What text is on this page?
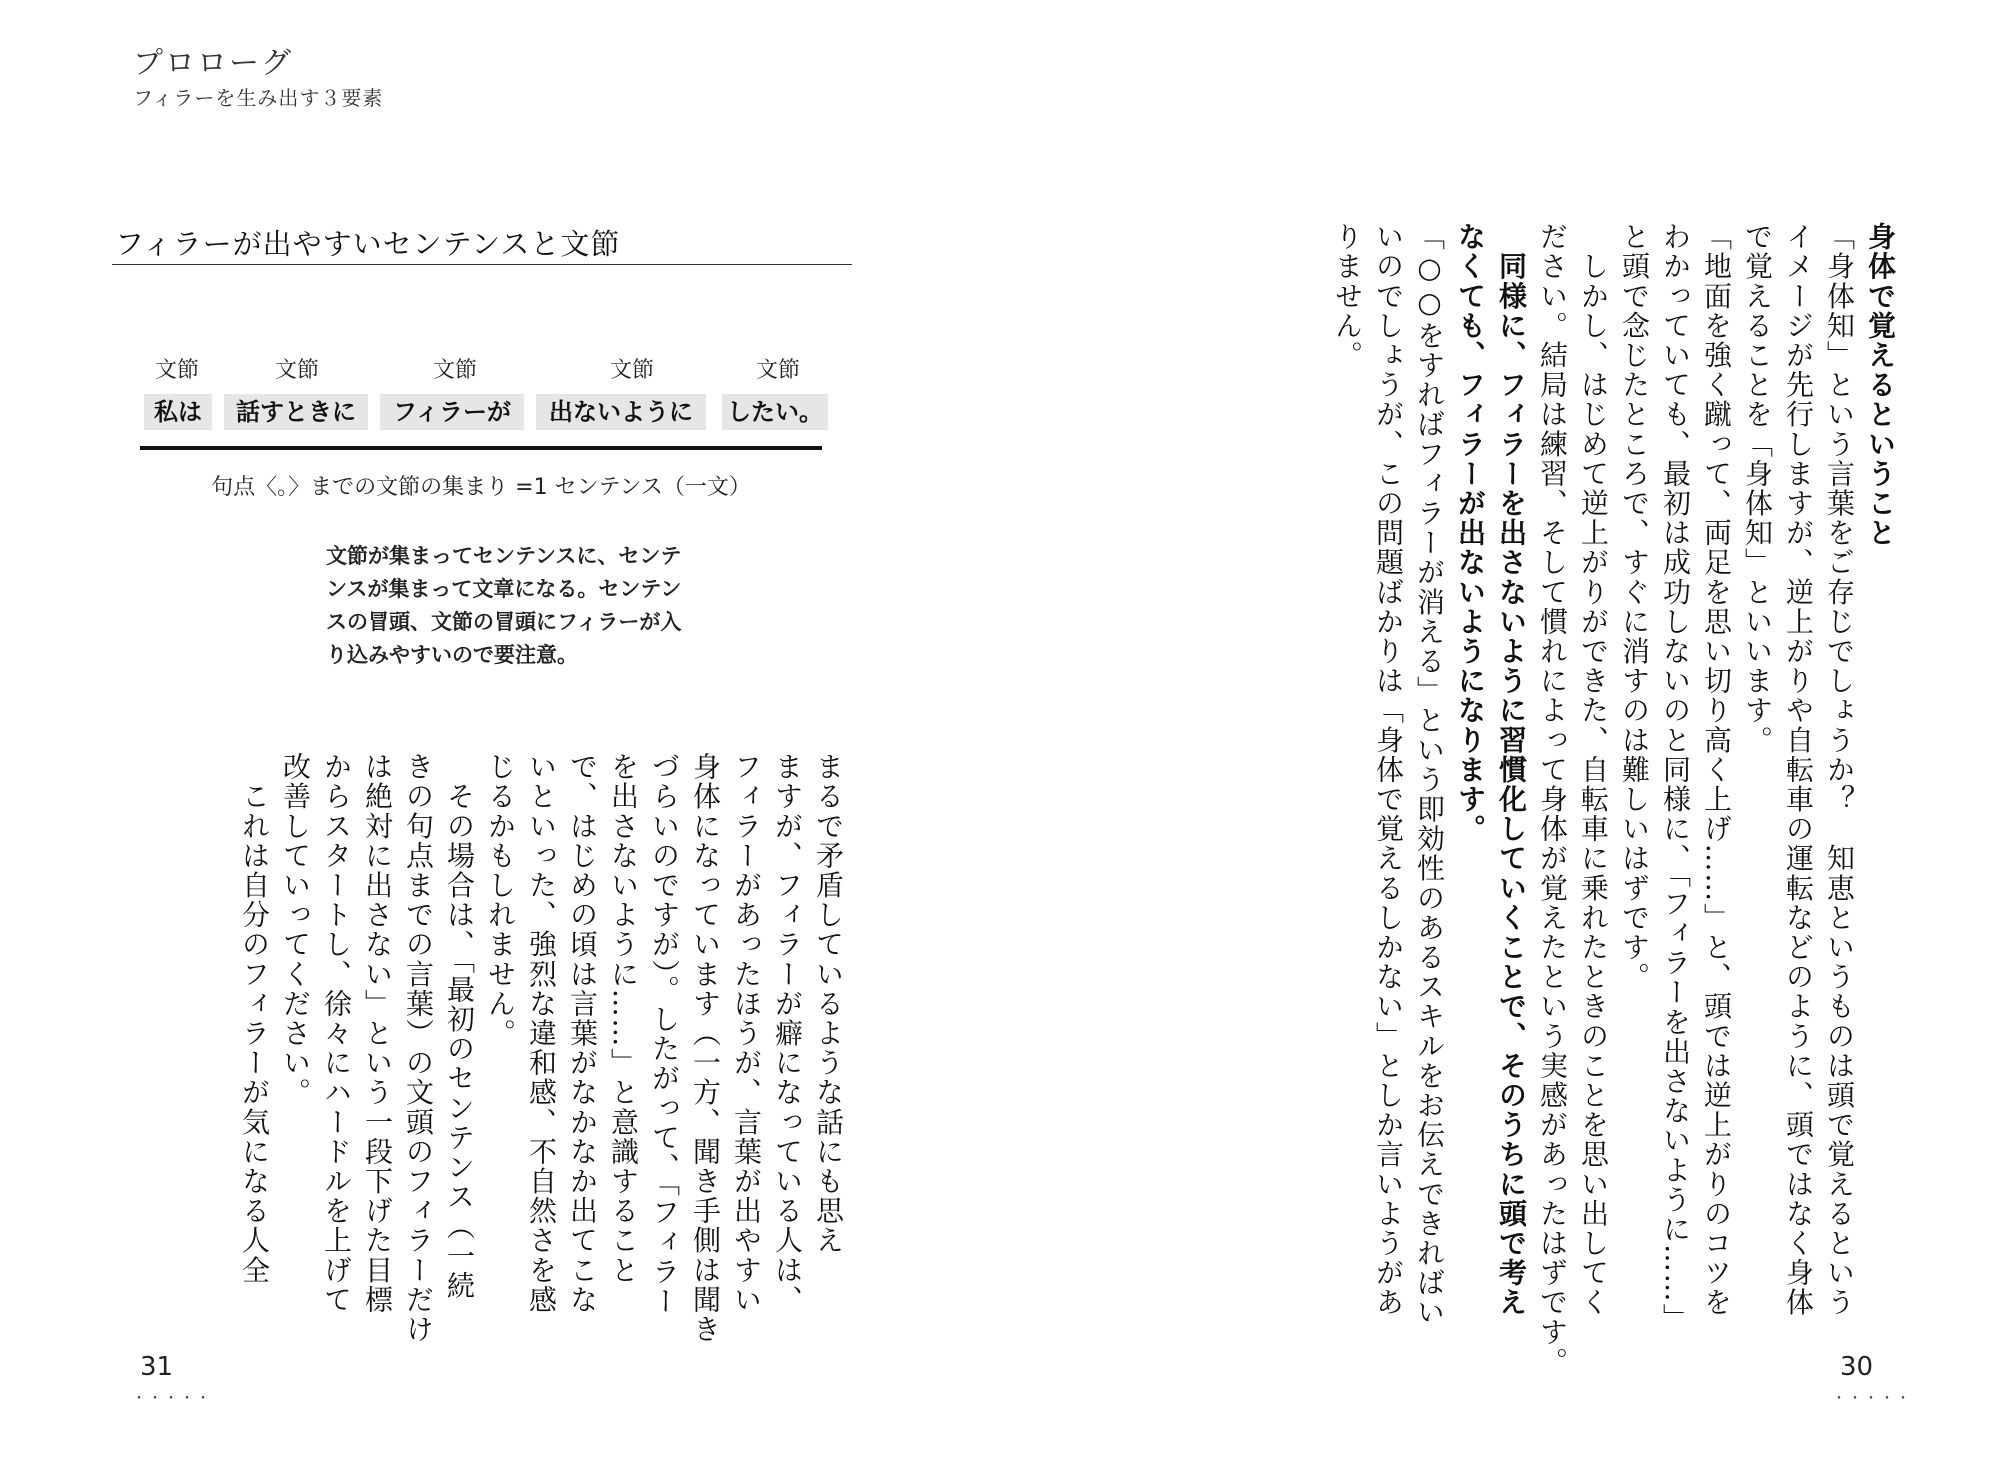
プロローグ
フィラーを生み出す３要素
フィラーが出やすいセンテンスと文節
文節	文節	文節	文節	文節
私は	話すときに	フィラーが	出ないように	したい。
句点〈。〉までの文節の集まり =1 センテンス（一文）
文節が集まってセンテンスに、センテンスが集まって文章になる。センテンスの冒頭、文節の冒頭にフィラーが入り込みやすいので要注意。
まるで矛盾しているような話にも思え
ますが、フィラーが癖になっている人は、
フィラーがあったほうが、言葉が出やすい
身体になっています（一方、聞き手側は聞き
づらいのですが）。したがって、「フィラー
を出さないように……」と意識すること
で、はじめの頃は言葉がなかなか出てこな
いといった、強烈な違和感、不自然さを感
じるかもしれません。
　その場合は、「最初のセンテンス（一続
きの句点までの言葉）の文頭のフィラーだけ
は絶対に出さない」という一段下げた目標
からスタートし、徐々にハードルを上げて
改善していってください。
　これは自分のフィラーが気になる人全
身体で覚えるということ
「身体知」という言葉をご存じでしょうか？　知恵というものは頭で覚えるという
イメージが先行しますが、逆上がりや自転車の運転などのように、頭ではなく身体
で覚えることを「身体知」といいます。
「地面を強く蹴って、両足を思い切り高く上げ……」と、頭では逆上がりのコツを
わかっていても、最初は成功しないのと同様に、「フィラーを出さないように……」
と頭で念じたところで、すぐに消すのは難しいはずです。
　しかし、はじめて逆上がりができた、自転車に乗れたときのことを思い出してく
ださい。結局は練習、そして慣れによって身体が覚えたという実感があったはずです。
　同様に、フィラーを出さないように習慣化していくことで、そのうちに頭で考え
なくても、フィラーが出ないようになります。
「○○をすればフィラーが消える」という即効性のあるスキルをお伝えできればい
いのでしょうが、この問題ばかりは「身体で覚えるしかない」としか言いようがあ
りません。
31
・・・・・
30
・・・・・
